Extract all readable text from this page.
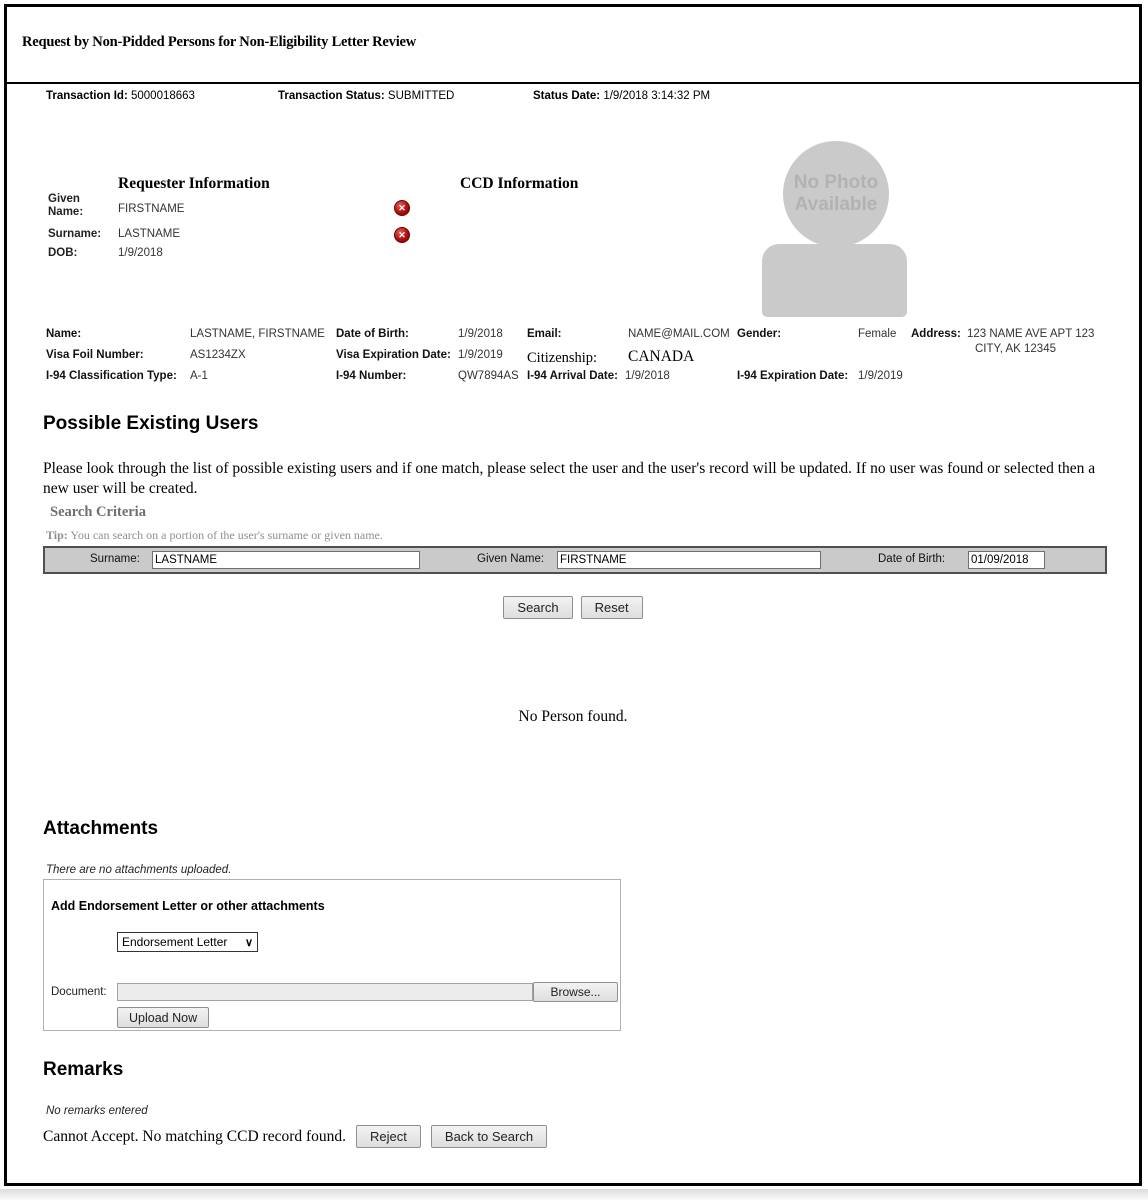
Request by Non-Pidded Persons for Non-Eligibility Letter Review
Transaction Id: 5000018663	Transaction Status: SUBMITTED	Status Date: 1/9/2018 3:14:32 PM
Requester Information	CCD Information
Given Name:	FIRSTNAME	✕
Surname: LASTNAME	✕
DOB:	1/9/2018
No Photo
Available
Name:	LASTNAME, FIRSTNAME Date of Birth:	1/9/2018 Email:	NAME@MAIL.COM Gender:	Female Address: 123 NAME AVE APT 123
CITY, AK 12345
Visa Foil Number:	AS1234ZX	Visa Expiration Date: 1/9/2019 Citizenship: CANADA
I-94 Classification Type: A-1	I-94 Number:	QW7894AS I-94 Arrival Date: 1/9/2018	I-94 Expiration Date: 1/9/2019
Possible Existing Users
Please look through the list of possible existing users and if one match, please select the user and the user's record will be updated. If no user was found or selected then a new user will be created.
Search Criteria
Tip: You can search on a portion of the user's surname or given name.
Surname:
LASTNAME	Given Name:
FIRSTNAME	Date of Birth:
01/09/2018
Search	Reset
No Person found.
Attachments
There are no attachments uploaded.
Add Endorsement Letter or other attachments
Endorsement Letter ∨
Document:	Browse...
Upload Now
Remarks
No remarks entered
Cannot Accept. No matching CCD record found.	Reject	Back to Search
